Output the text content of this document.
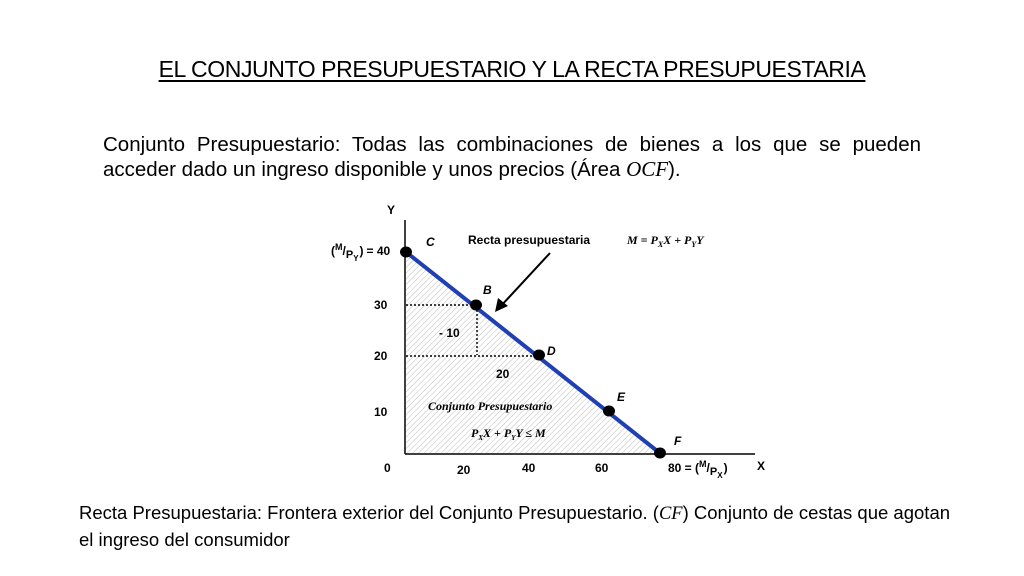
EL CONJUNTO PRESUPUESTARIO Y LA RECTA PRESUPUESTARIA
Conjunto Presupuestario: Todas las combinaciones de bienes a los que se pueden acceder dado un ingreso disponible y unos precios (Área OCF).
Y
X
($^M$/PY) = 40
30
20
10
0	20	40	60	80 = ($^M$/PX)
C
B
D
E
F
Recta presupuestaria	M = PXX + PYY
- 10
20
Conjunto Presupuestario
PXX + PYY ≤ M
Recta Presupuestaria: Frontera exterior del Conjunto Presupuestario. (CF) Conjunto de cestas que agotan el ingreso del consumidor
